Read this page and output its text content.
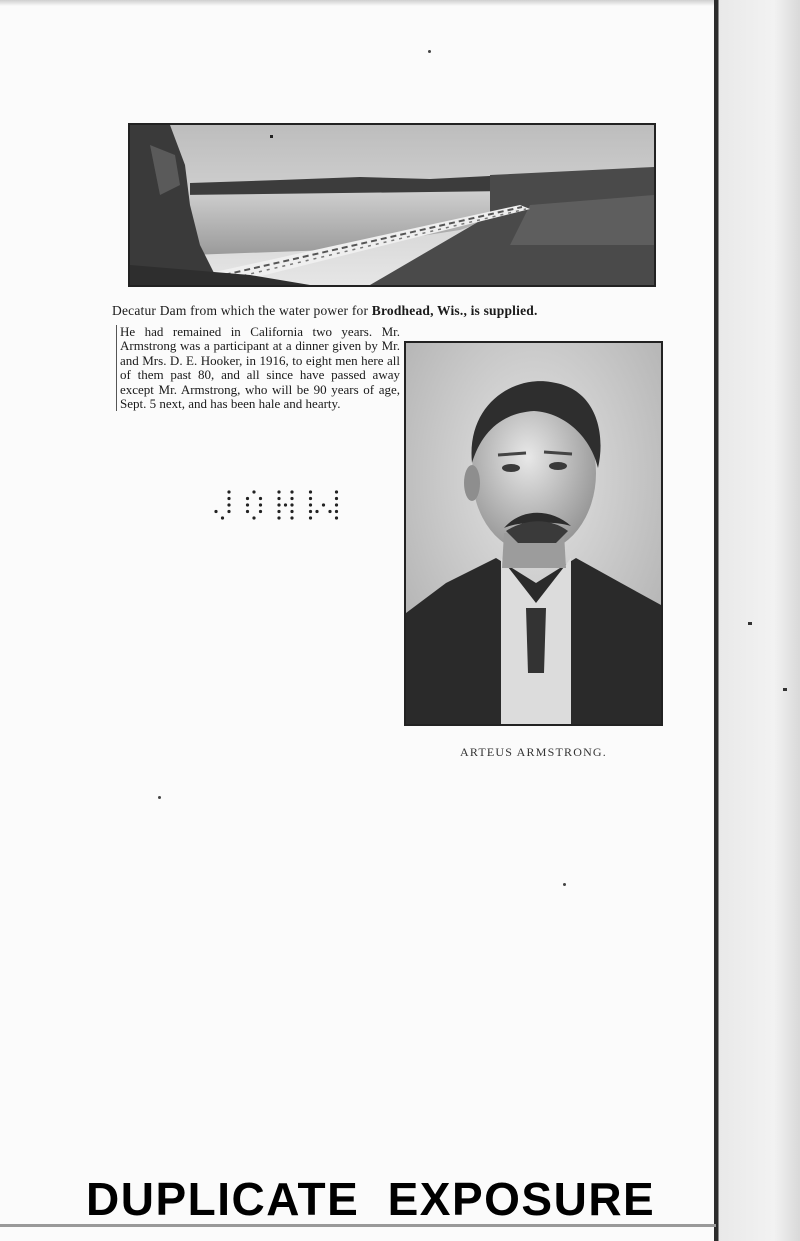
Decatur Dam from which the water power for Brodhead, Wis., is supplied.
He had remained in California two years. Mr. Armstrong was a participant at a dinner given by Mr. and Mrs. D. E. Hooker, in 1916, to eight men here all of them past 80, and all since have passed away except Mr. Armstrong, who will be 90 years of age, Sept. 5 next, and has been hale and hearty.
ARTEUS ARMSTRONG.
DUPLICATE EXPOSURE
